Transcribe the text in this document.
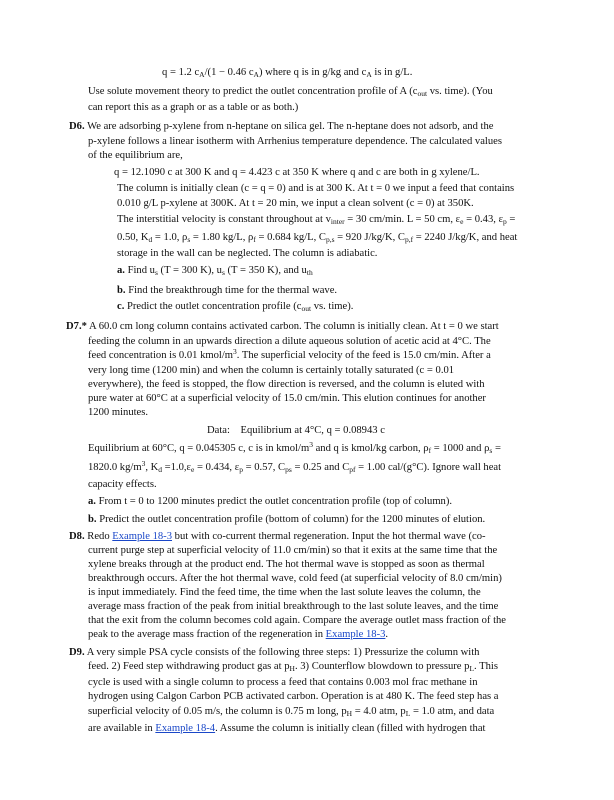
q = 1.2 $c_A/(1 - 0.46$ $c_A$) where q is in g/kg and $c_A$ is in g/L.
Use solute movement theory to predict the outlet concentration profile of A ($c_{out}$ vs. time). (You
can report this as a graph or as a table or as both.)
D6. We are adsorbing p-xylene from n-heptane on silica gel. The n-heptane does not adsorb, and the
p-xylene follows a linear isotherm with Arrhenius temperature dependence. The calculated values
of the equilibrium are,
q = 12.1090 c at 300 K and q = 4.423 c at 350 K where q and c are both in g xylene/L.
The column is initially clean (c = q = 0) and is at 300 K. At t = 0 we input a feed that contains
0.010 g/L p-xylene at 300K. At t = 20 min, we input a clean solvent (c = 0) at 350K.
The interstitial velocity is constant throughout at $v_{inter} = 30$ cm/min. L = 50 cm, $\varepsilon_e = 0.43$, $\varepsilon_p$ =
0.50, $K_d = 1.0$, $\rho_s = 1.80$ kg/L, $\rho_f = 0.684$ kg/L, $C_{p,s} = 920$ J/kg/K, $C_{p,f} = 2240$ J/kg/K, and heat
storage in the wall can be neglected. The column is adiabatic.
a. Find $u_s$ (T = 300 K), $u_s$ (T = 350 K), and $u_{th}$
b. Find the breakthrough time for the thermal wave.
c. Predict the outlet concentration profile ($c_{out}$ vs. time).
D7.* A 60.0 cm long column contains activated carbon. The column is initially clean. At t = 0 we start
feeding the column in an upwards direction a dilute aqueous solution of acetic acid at 4°C. The
feed concentration is 0.01 kmol/$m^3$. The superficial velocity of the feed is 15.0 cm/min. After a
very long time (1200 min) and when the column is certainly totally saturated (c = 0.01
everywhere), the feed is stopped, the flow direction is reversed, and the column is eluted with
pure water at 60°C at a superficial velocity of 15.0 cm/min. This elution continues for another
1200 minutes.
Data:    Equilibrium at 4°C, q = 0.08943 c
Equilibrium at 60°C, q = 0.045305 c, c is in kmol/$m^3$ and q is kmol/kg carbon, $\rho_f = 1000$ and $\rho_s$ =
1820.0 $kg/m^3$, $K_d =1.0,\varepsilon_e = 0.434$, $\varepsilon_p = 0.57$, $C_{ps} = 0.25$ and $C_{pf} = 1.00$ cal/(g°C). Ignore wall heat
capacity effects.
a. From t = 0 to 1200 minutes predict the outlet concentration profile (top of column).
b. Predict the outlet concentration profile (bottom of column) for the 1200 minutes of elution.
D8. Redo Example 18-3 but with co-current thermal regeneration. Input the hot thermal wave (co-
current purge step at superficial velocity of 11.0 cm/min) so that it exits at the same time that the
xylene breaks through at the product end. The hot thermal wave is stopped as soon as thermal
breakthrough occurs. After the hot thermal wave, cold feed (at superficial velocity of 8.0 cm/min)
is input immediately. Find the feed time, the time when the last solute leaves the column, the
average mass fraction of the peak from initial breakthrough to the last solute leaves, and the time
that the exit from the column becomes cold again. Compare the average outlet mass fraction of the
peak to the average mass fraction of the regeneration in Example 18-3.
D9. A very simple PSA cycle consists of the following three steps: 1) Pressurize the column with
feed. 2) Feed step withdrawing product gas at $p_H$. 3) Counterflow blowdown to pressure $p_L$. This
cycle is used with a single column to process a feed that contains 0.003 mol frac methane in
hydrogen using Calgon Carbon PCB activated carbon. Operation is at 480 K. The feed step has a
superficial velocity of 0.05 m/s, the column is 0.75 m long, $p_H = 4.0$ atm, $p_L = 1.0$ atm, and data
are available in Example 18-4. Assume the column is initially clean (filled with hydrogen that
